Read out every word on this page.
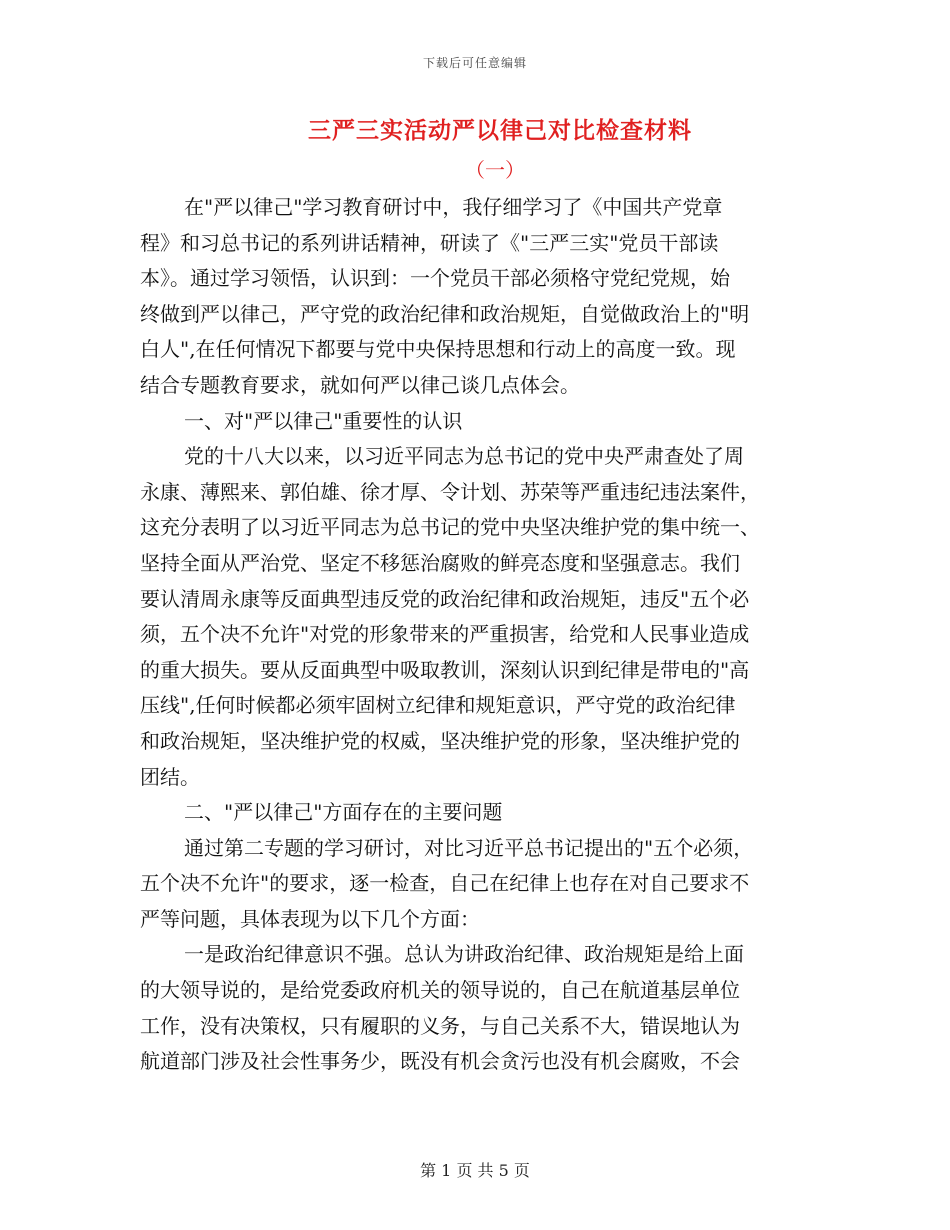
下载后可任意编辑
三严三实活动严以律己对比检查材料
（一）
在"严以律己"学习教育研讨中，我仔细学习了《中国共产党章
程》和习总书记的系列讲话精神，研读了《"三严三实"党员干部读
本》。通过学习领悟，认识到：一个党员干部必须格守党纪党规，始
终做到严以律己，严守党的政治纪律和政治规矩，自觉做政治上的"明
白人",在任何情况下都要与党中央保持思想和行动上的高度一致。现
结合专题教育要求，就如何严以律己谈几点体会。
一、对"严以律己"重要性的认识
党的十八大以来，以习近平同志为总书记的党中央严肃查处了周
永康、薄熙来、郭伯雄、徐才厚、令计划、苏荣等严重违纪违法案件，
这充分表明了以习近平同志为总书记的党中央坚决维护党的集中统一、
坚持全面从严治党、坚定不移惩治腐败的鲜亮态度和坚强意志。我们
要认清周永康等反面典型违反党的政治纪律和政治规矩，违反"五个必
须，五个决不允许"对党的形象带来的严重损害，给党和人民事业造成
的重大损失。要从反面典型中吸取教训，深刻认识到纪律是带电的"高
压线",任何时候都必须牢固树立纪律和规矩意识，严守党的政治纪律
和政治规矩，坚决维护党的权威，坚决维护党的形象，坚决维护党的
团结。
二、"严以律己"方面存在的主要问题
通过第二专题的学习研讨，对比习近平总书记提出的"五个必须，
五个决不允许"的要求，逐一检查，自己在纪律上也存在对自己要求不
严等问题，具体表现为以下几个方面：
一是政治纪律意识不强。总认为讲政治纪律、政治规矩是给上面
的大领导说的，是给党委政府机关的领导说的，自己在航道基层单位
工作，没有决策权，只有履职的义务，与自己关系不大，错误地认为
航道部门涉及社会性事务少，既没有机会贪污也没有机会腐败，不会
第 1 页 共 5 页
